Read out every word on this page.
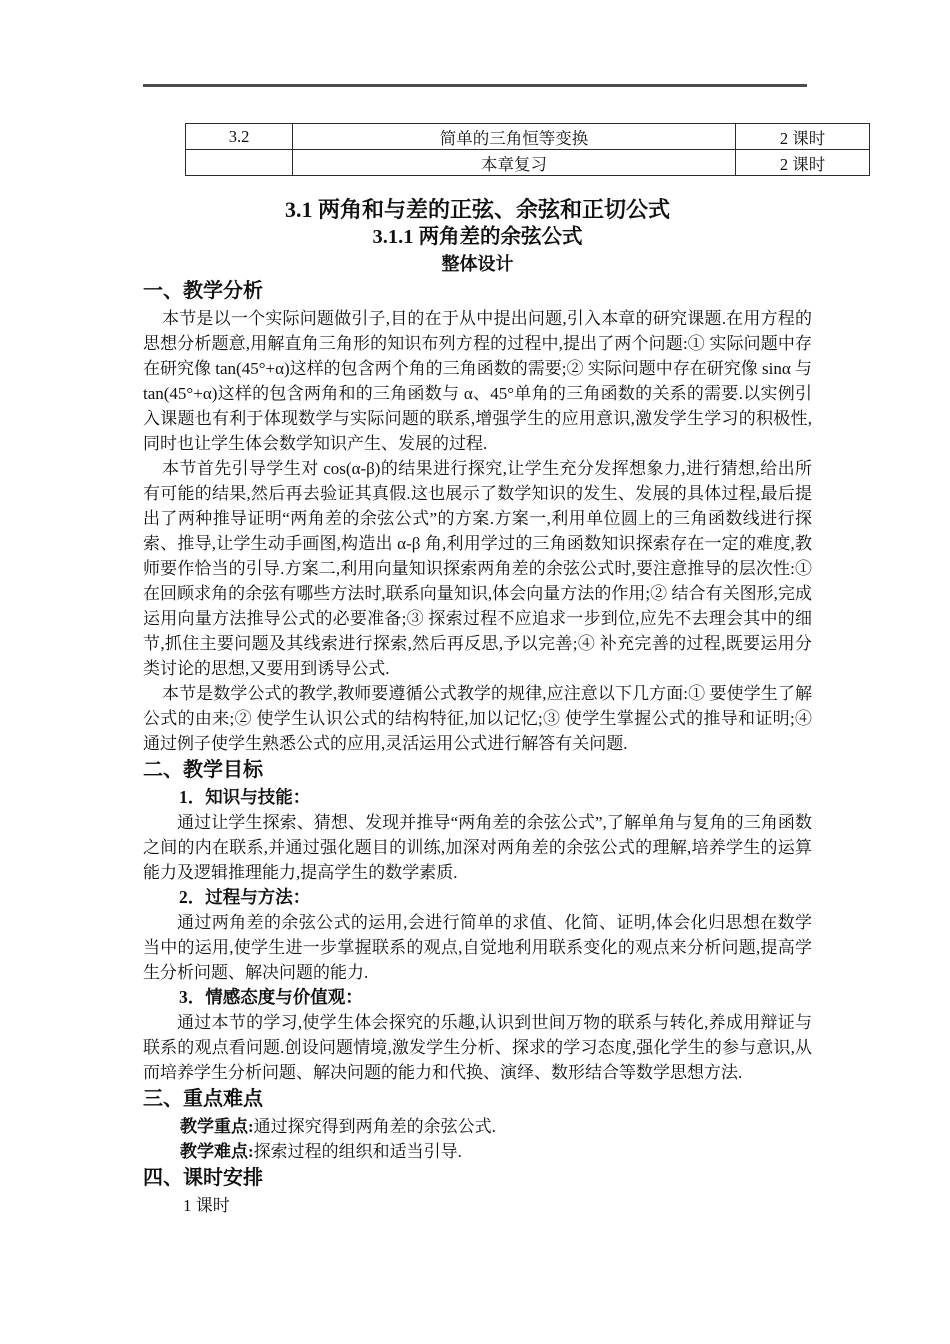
3.2	简单的三角恒等变换	2 课时
	本章复习	2 课时
3.1 两角和与差的正弦、余弦和正切公式
3.1.1 两角差的余弦公式
整体设计
一、教学分析

本节是以一个实际问题做引子,目的在于从中提出问题,引入本章的研究课题.在用方程的思想分析题意,用解直角三角形的知识布列方程的过程中,提出了两个问题:① 实际问题中存在研究像 tan(45°+α)这样的包含两个角的三角函数的需要;② 实际问题中存在研究像 sinα 与tan(45°+α)这样的包含两角和的三角函数与 α、45°单角的三角函数的关系的需要.以实例引入课题也有利于体现数学与实际问题的联系,增强学生的应用意识,激发学生学习的积极性,同时也让学生体会数学知识产生、发展的过程.

本节首先引导学生对 cos(α-β)的结果进行探究,让学生充分发挥想象力,进行猜想,给出所有可能的结果,然后再去验证其真假.这也展示了数学知识的发生、发展的具体过程,最后提出了两种推导证明“两角差的余弦公式”的方案.方案一,利用单位圆上的三角函数线进行探索、推导,让学生动手画图,构造出 α-β 角,利用学过的三角函数知识探索存在一定的难度,教师要作恰当的引导.方案二,利用向量知识探索两角差的余弦公式时,要注意推导的层次性:① 在回顾求角的余弦有哪些方法时,联系向量知识,体会向量方法的作用;② 结合有关图形,完成运用向量方法推导公式的必要准备;③ 探索过程不应追求一步到位,应先不去理会其中的细节,抓住主要问题及其线索进行探索,然后再反思,予以完善;④ 补充完善的过程,既要运用分类讨论的思想,又要用到诱导公式.

本节是数学公式的教学,教师要遵循公式教学的规律,应注意以下几方面:① 要使学生了解公式的由来;② 使学生认识公式的结构特征,加以记忆;③ 使学生掌握公式的推导和证明;④ 通过例子使学生熟悉公式的应用,灵活运用公式进行解答有关问题.

二、教学目标
1．知识与技能：

通过让学生探索、猜想、发现并推导“两角差的余弦公式”,了解单角与复角的三角函数之间的内在联系,并通过强化题目的训练,加深对两角差的余弦公式的理解,培养学生的运算能力及逻辑推理能力,提高学生的数学素质.

2．过程与方法：

通过两角差的余弦公式的运用,会进行简单的求值、化简、证明,体会化归思想在数学当中的运用,使学生进一步掌握联系的观点,自觉地利用联系变化的观点来分析问题,提高学生分析问题、解决问题的能力.

3．情感态度与价值观：

通过本节的学习,使学生体会探究的乐趣,认识到世间万物的联系与转化,养成用辩证与联系的观点看问题.创设问题情境,激发学生分析、探求的学习态度,强化学生的参与意识,从而培养学生分析问题、解决问题的能力和代换、演绎、数形结合等数学思想方法.

三、重点难点

教学重点:通过探究得到两角差的余弦公式.

教学难点:探索过程的组织和适当引导.

四、课时安排

1 课时
